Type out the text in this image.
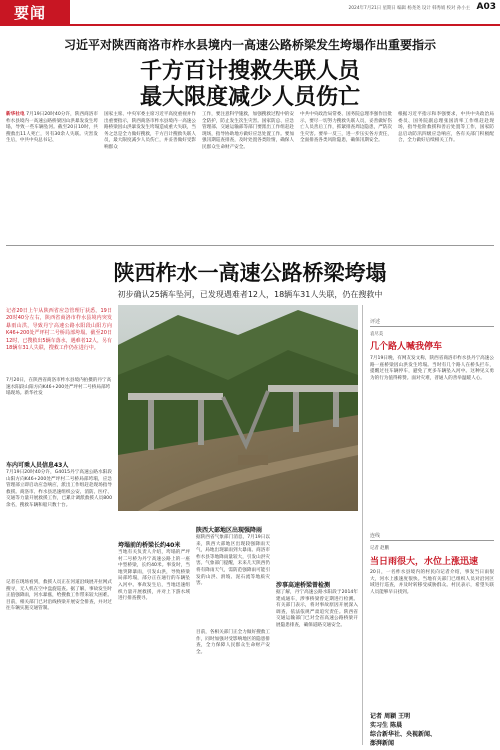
要闻	2024年7月21日 星期日 编辑 杨尧尧 设计 韩秀娟 校对 孙小主 A03
习近平对陕西商洛市柞水县境内一高速公路桥梁发生垮塌作出重要指示
千方百计搜救失联人员
最大限度减少人员伤亡
新华社电 7月19日20时40分许，陕西商洛市柞水县境内一高速公路桥梁因山洪暴发发生垮塌，导致一些车辆坠河。截至20日10时，共搜救出11人死亡，另有30余人失联。灾害发生后，中共中央总书记、
国家主席、中央军委主席习近平高度重视并作出重要指示，陕西商洛市柞水县境内一高速公路桥梁因山洪暴发发生垮塌造成重大失联，当务之急是全力做好搜救，千方百计搜救失联人员，最大限度减少人员伤亡，并妥善做好受影响群众
工作，要注意科学施救，加强搜救过程中的安全防护，防止发生次生灾害。国家防总、应急管理部、交通运输部等部门要派出工作组赶赴现场，指导协助地方做好应急处置工作。要加强汛期巡查排查，及时处置各类险情，确保人民群众生命财产安全。
中共中央政治局常委、国务院总理李强作出批示，要尽一切努力搜救失联人员，妥善做好伤亡人员善后工作，抓紧排查周边隐患，严防次生灾害。要举一反三，进一步压实各方责任，全面排查各类风险隐患，确保汛期安全。
根据习近平指示和李强要求，中共中央政治局委员、国务院副总理张国清率工作组赶赴现场，指导抢险救援和善后处置等工作，国家防总启动防汛四级应急响应，各有关部门积极配合，全力做好后续相关工作。
陕西柞水一高速公路桥梁垮塌
初步确认25辆车坠河，已发现遇难者12人，18辆车31人失联，仍在搜救中
记者20日上午从陕西省应急管理厅获悉，19日20时40分左右，陕西省商洛市柞水县境内突发暴雨山洪，导致丹宁高速公路水阳段山阳方向K46+200处严坪村二号桥局部垮塌。截至20日12时，已搜救出5辆车落水，遇难者12人，另有18辆车31人失联，搜救工作仍在进行中。
7月20日，在陕西省商洛市柞水县境内拍摄的丹宁高速水阳段山阳方向K46+200处严坪村二号桥局部垮塌现场。新华社发
车内可乘人员信息43人
7月19日20时40分许，G4015丹宁高速公路水阳段山阳方向K46+200处严坪村二号桥局部垮塌，应急管理部立即启动应急响应，派出工作组赶赴现场指导救援。商洛市、柞水县迅速组织公安、消防、医疗、交通等力量开展救援工作，已累计调派救援人员800余名，搜救车辆和船只数十台。
记者在现场看到，救援人员正在河道沿线展开拉网式搜寻，无人机在空中盘旋巡查。据了解，事故发生时正值强降雨，河水暴涨，给搜救工作带来较大困难。目前，相关部门已对沿线桥梁开展安全排查，并对过往车辆实施交通管制。
垮塌前的桥梁长约40米
当地有关负责人介绍，垮塌的严坪村二号桥为丹宁高速公路上的一座中型桥梁，长约40米。事发时，当地突降暴雨，引发山洪，导致桥梁局部垮塌，部分正在通行的车辆坠入河中。事故发生后，当地迅速组织力量开展救援，并对上下游水域进行排查搜寻。
陕西大部地区出现强降雨
据陕西省气象部门消息，7月19日以来，陕西大部地区出现较强降雨天气，局地出现暴雨到大暴雨。商洛市柞水县等地降雨量较大，引发山洪灾害。气象部门提醒，未来几天陕西仍将有降雨天气，需防范强降雨可能引发的山洪、滑坡、泥石流等地质灾害。
目前，各相关部门正全力做好搜救工作，同时加强对受影响地区的隐患排查，全力保障人民群众生命财产安全。
涉事高速桥梁曾检测
据了解，丹宁高速公路水阳段于2014年建成通车，涉事桥梁曾定期进行检测。有关部门表示，将对事故原因开展深入调查，依法依规严肃追究责任。陕西省交通运输部门已对全省高速公路桥梁开展隐患排查，确保道路交通安全。
评述
袁尽美
几个路人喊我停车
7月19日晚，有网友发文称，陕西省商洛市柞水县丹宁高速公路一座桥梁因山洪发生垮塌。当时有几个路人在桥头拦车，提醒过往车辆停车，避免了更多车辆坠入河中。这种见义勇为的行为值得称赞。面对灾难，普通人的善举温暖人心。
连线
记者 赵鹏
当日雨很大，水位上涨迅速
20日，一名柞水县境内的村民向记者介绍，事发当日雨很大，河水上涨速度很快。当地有关部门已组织人员对沿河区域进行巡查，并及时转移受威胁群众。村民表示，希望失联人员能够早日找到。
记者 周颖 王明
实习生 陈晨
综合新华社、央视新闻、
澎湃新闻
